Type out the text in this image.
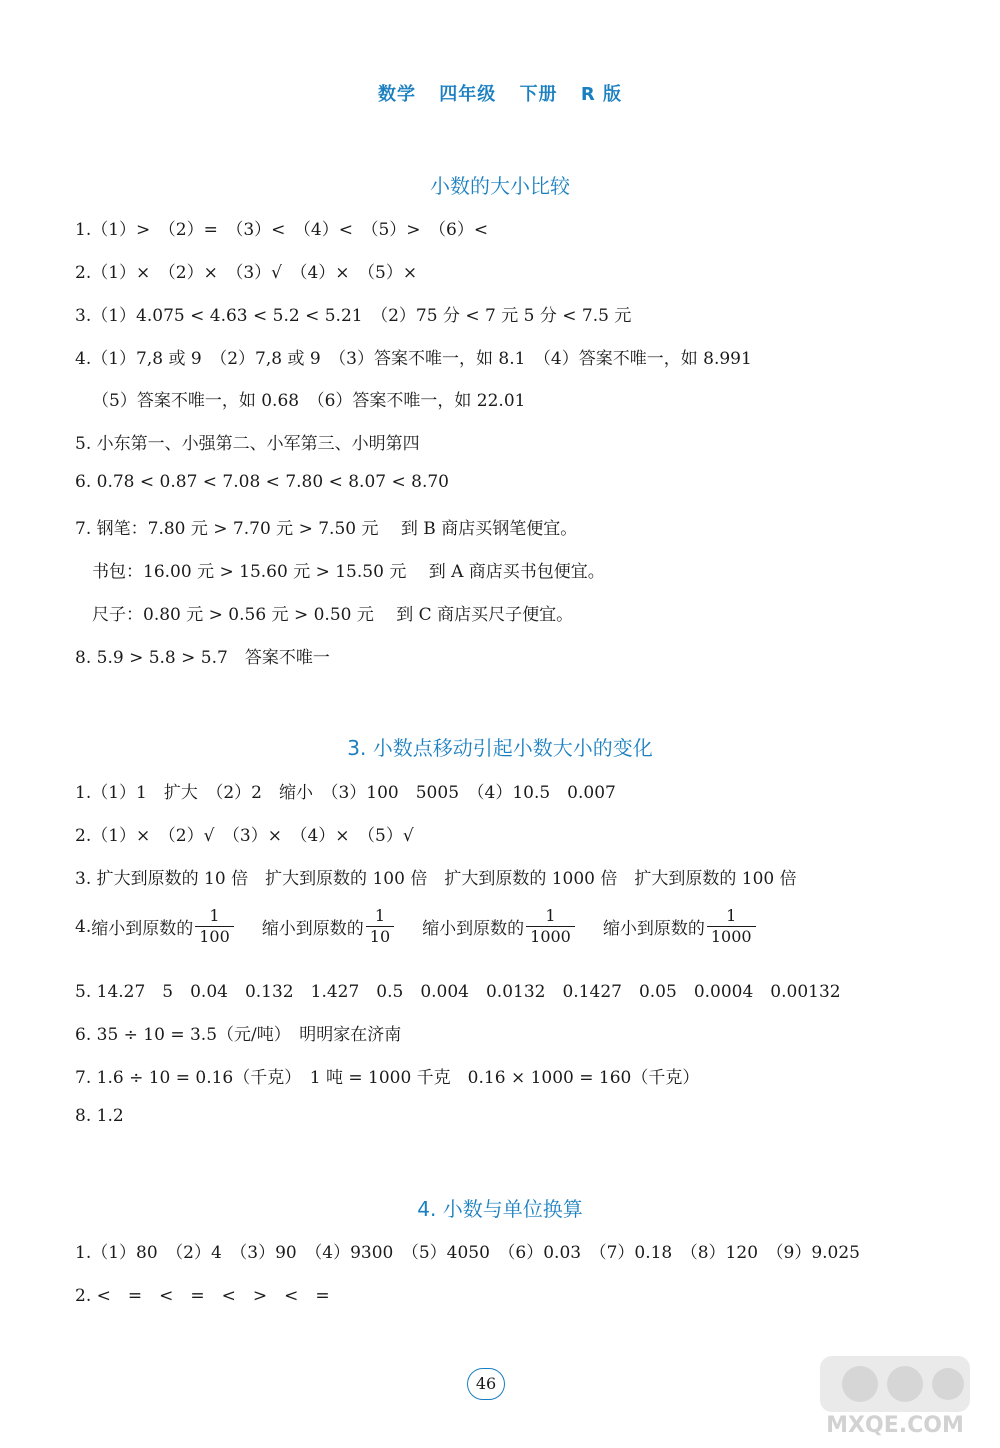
数学 四年级 下册 R 版
小数的大小比较
1.（1）>　（2）=　（3）<　（4）<　（5）>　（6）<
2.（1）×　（2）×　（3）√　（4）×　（5）×
3.（1）4.075 < 4.63 < 5.2 < 5.21　（2）75 分 < 7 元 5 分 < 7.5 元
4.（1）7,8 或 9　（2）7,8 或 9　（3）答案不唯一，如 8.1　（4）答案不唯一，如 8.991
（5）答案不唯一，如 0.68　（6）答案不唯一，如 22.01
5. 小东第一、小强第二、小军第三、小明第四
6. 0.78 < 0.87 < 7.08 < 7.80 < 8.07 < 8.70
7. 钢笔：7.80 元 > 7.70 元 > 7.50 元　 到 B 商店买钢笔便宜。
书包：16.00 元 > 15.60 元 > 15.50 元　 到 A 商店买书包便宜。
尺子：0.80 元 > 0.56 元 > 0.50 元　 到 C 商店买尺子便宜。
8. 5.9 > 5.8 > 5.7　答案不唯一
3. 小数点移动引起小数大小的变化
1.（1）1　扩大　（2）2　缩小　（3）100　5005　（4）10.5　0.007
2.（1）×　（2）√　（3）×　（4）×　（5）√
3. 扩大到原数的 10 倍　扩大到原数的 100 倍　扩大到原数的 1000 倍　扩大到原数的 100 倍
4. 缩小到原数的 $\frac{1}{100}$ 缩小到原数的 $\frac{1}{10}$ 缩小到原数的 $\frac{1}{1000}$ 缩小到原数的 $\frac{1}{1000}$
5. 14.27　5　0.04　0.132　1.427　0.5　0.004　0.0132　0.1427　0.05　0.0004　0.00132
6. 35 ÷ 10 = 3.5（元/吨）　明明家在济南
7. 1.6 ÷ 10 = 0.16（千克）　1 吨 = 1000 千克　0.16 × 1000 = 160（千克）
8. 1.2
4. 小数与单位换算
1.（1）80　（2）4　（3）90　（4）9300　（5）4050　（6）0.03　（7）0.18　（8）120　（9）9.025
2. <　=　<　=　<　>　<　=
46
MXQE.COM
